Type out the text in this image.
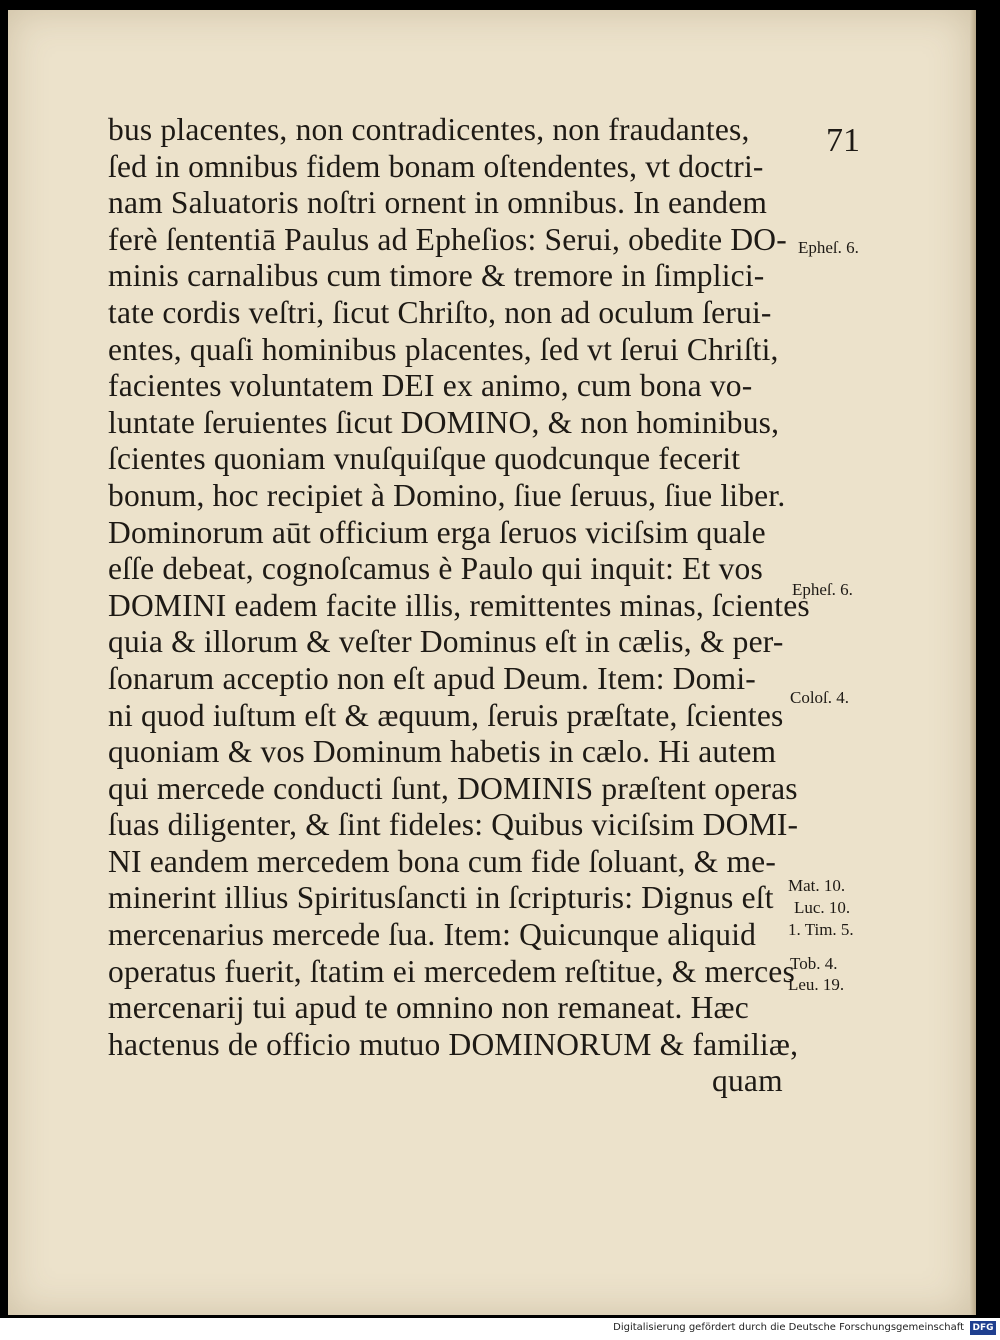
71
bus placentes, non contradicentes, non fraudantes,
ſed in omnibus fidem bonam oſtendentes, vt doctri-
nam Saluatoris noſtri ornent in omnibus. In eandem
ferè ſententiā Paulus ad Epheſios: Serui, obedite DO-
minis carnalibus cum timore & tremore in ſimplici-
tate cordis veſtri, ſicut Chriſto, non ad oculum ſerui-
entes, quaſi hominibus placentes, ſed vt ſerui Chriſti,
facientes voluntatem DEI ex animo, cum bona vo-
luntate ſeruientes ſicut DOMINO, & non hominibus,
ſcientes quoniam vnuſquiſque quodcunque fecerit
bonum, hoc recipiet à Domino, ſiue ſeruus, ſiue liber.
Dominorum aūt officium erga ſeruos viciſsim quale
eſſe debeat, cognoſcamus è Paulo qui inquit: Et vos
DOMINI eadem facite illis, remittentes minas, ſcientes
quia & illorum & veſter Dominus eſt in cælis, & per-
ſonarum acceptio non eſt apud Deum. Item: Domi-
ni quod iuſtum eſt & æquum, ſeruis præſtate, ſcientes
quoniam & vos Dominum habetis in cælo. Hi autem
qui mercede conducti ſunt, DOMINIS præſtent operas
ſuas diligenter, & ſint fideles: Quibus viciſsim DOMI-
NI eandem mercedem bona cum fide ſoluant, & me-
minerint illius Spiritusſancti in ſcripturis: Dignus eſt
mercenarius mercede ſua. Item: Quicunque aliquid
operatus fuerit, ſtatim ei mercedem reſtitue, & merces
mercenarij tui apud te omnino non remaneat. Hæc
hactenus de officio mutuo DOMINORUM & familiæ,
quam
Epheſ. 6.
Epheſ. 6.
Coloſ. 4.
Mat. 10.
Luc. 10.
1. Tim. 5.
Tob. 4.
Leu. 19.
Digitalisierung gefördert durch die Deutsche Forschungsgemeinschaft DFG
